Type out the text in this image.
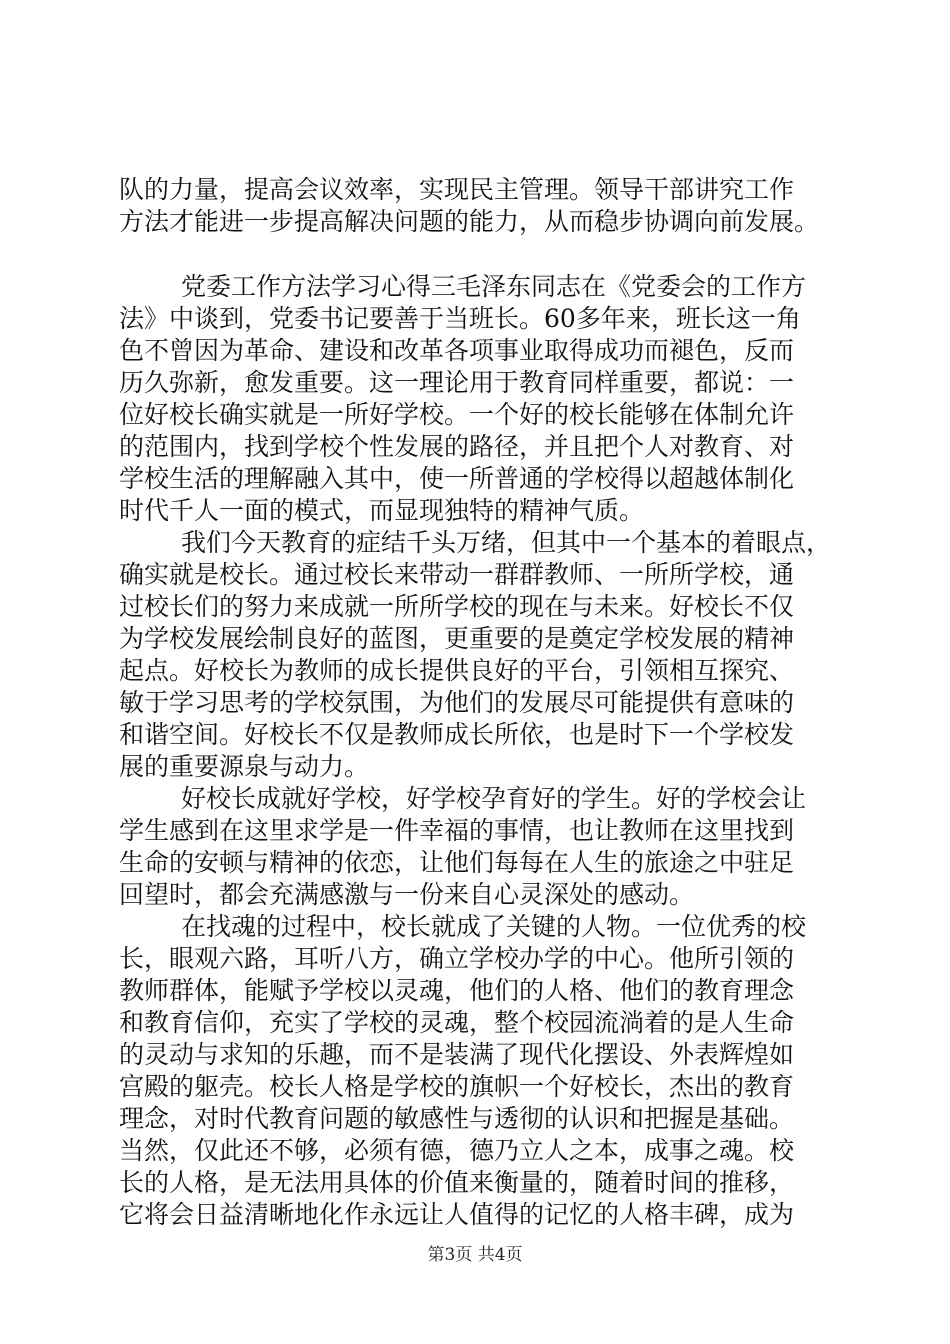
队的力量，提高会议效率，实现民主管理。领导干部讲究工作
方法才能进一步提高解决问题的能力，从而稳步协调向前发展。
党委工作方法学习心得三毛泽东同志在《党委会的工作方
法》中谈到，党委书记要善于当班长。60多年来，班长这一角
色不曾因为革命、建设和改革各项事业取得成功而褪色，反而
历久弥新，愈发重要。这一理论用于教育同样重要，都说：一
位好校长确实就是一所好学校。一个好的校长能够在体制允许
的范围内，找到学校个性发展的路径，并且把个人对教育、对
学校生活的理解融入其中，使一所普通的学校得以超越体制化
时代千人一面的模式，而显现独特的精神气质。
我们今天教育的症结千头万绪，但其中一个基本的着眼点，
确实就是校长。通过校长来带动一群群教师、一所所学校，通
过校长们的努力来成就一所所学校的现在与未来。好校长不仅
为学校发展绘制良好的蓝图，更重要的是奠定学校发展的精神
起点。好校长为教师的成长提供良好的平台，引领相互探究、
敏于学习思考的学校氛围，为他们的发展尽可能提供有意味的
和谐空间。好校长不仅是教师成长所依，也是时下一个学校发
展的重要源泉与动力。
好校长成就好学校，好学校孕育好的学生。好的学校会让
学生感到在这里求学是一件幸福的事情，也让教师在这里找到
生命的安顿与精神的依恋，让他们每每在人生的旅途之中驻足
回望时，都会充满感激与一份来自心灵深处的感动。
在找魂的过程中，校长就成了关键的人物。一位优秀的校
长，眼观六路，耳听八方，确立学校办学的中心。他所引领的
教师群体，能赋予学校以灵魂，他们的人格、他们的教育理念
和教育信仰，充实了学校的灵魂，整个校园流淌着的是人生命
的灵动与求知的乐趣，而不是装满了现代化摆设、外表辉煌如
宫殿的躯壳。校长人格是学校的旗帜一个好校长，杰出的教育
理念，对时代教育问题的敏感性与透彻的认识和把握是基础。
当然，仅此还不够，必须有德，德乃立人之本，成事之魂。校
长的人格，是无法用具体的价值来衡量的，随着时间的推移，
它将会日益清晰地化作永远让人值得的记忆的人格丰碑，成为
第3页 共4页
